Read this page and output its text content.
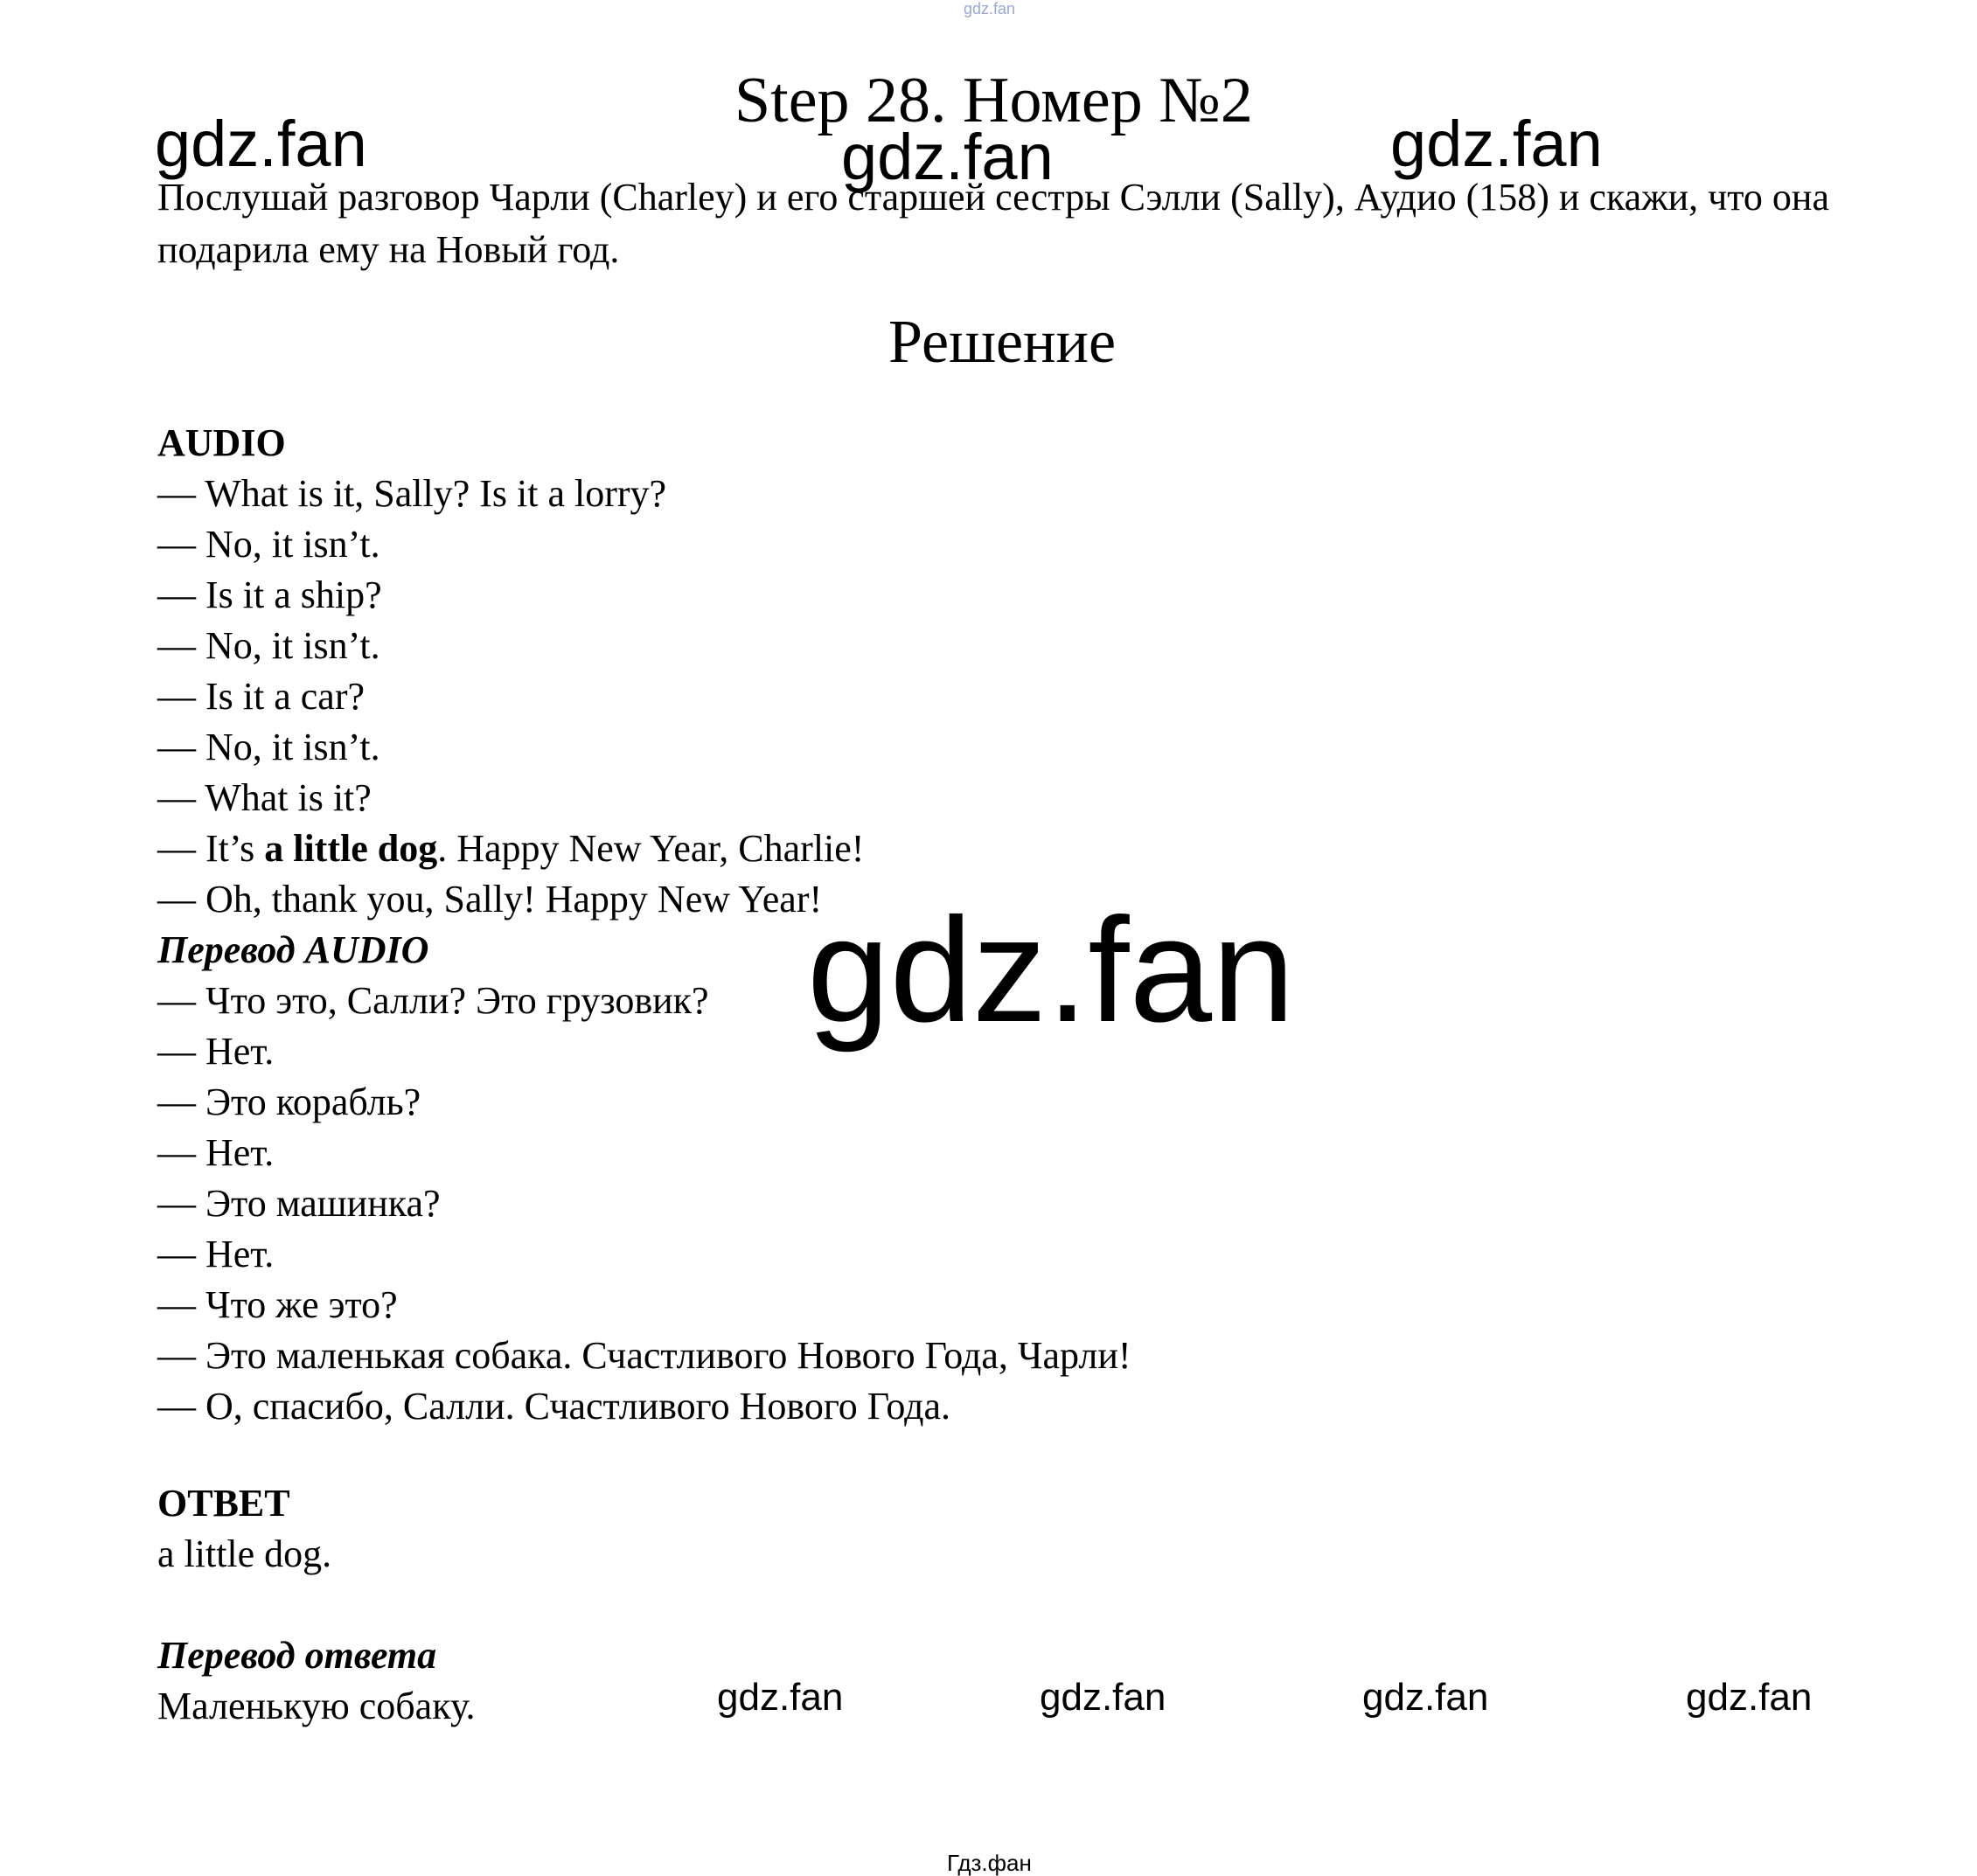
gdz.fan
Step 28. Номер №2
gdz.fan	gdz.fan	gdz.fan
Послушай разговор Чарли (Charley) и его старшей сестры Сэлли (Sally), Аудио (158) и скажи, что она подарила ему на Новый год.
Решение
AUDIO
— What is it, Sally? Is it a lorry?
— No, it isn’t.
— Is it a ship?
— No, it isn’t.
— Is it a car?
— No, it isn’t.
— What is it?
— It’s a little dog. Happy New Year, Charlie!
— Oh, thank you, Sally! Happy New Year!
Перевод AUDIO
— Что это, Салли? Это грузовик?
— Нет.
— Это корабль?
— Нет.
— Это машинка?
— Нет.
— Что же это?
— Это маленькая собака. Счастливого Нового Года, Чарли!
— О, спасибо, Салли. Счастливого Нового Года.
gdz.fan
ОТВЕТ
a little dog.
Перевод ответа
Маленькую собаку.	gdz.fan	gdz.fan	gdz.fan	gdz.fan
Гдз.фан
